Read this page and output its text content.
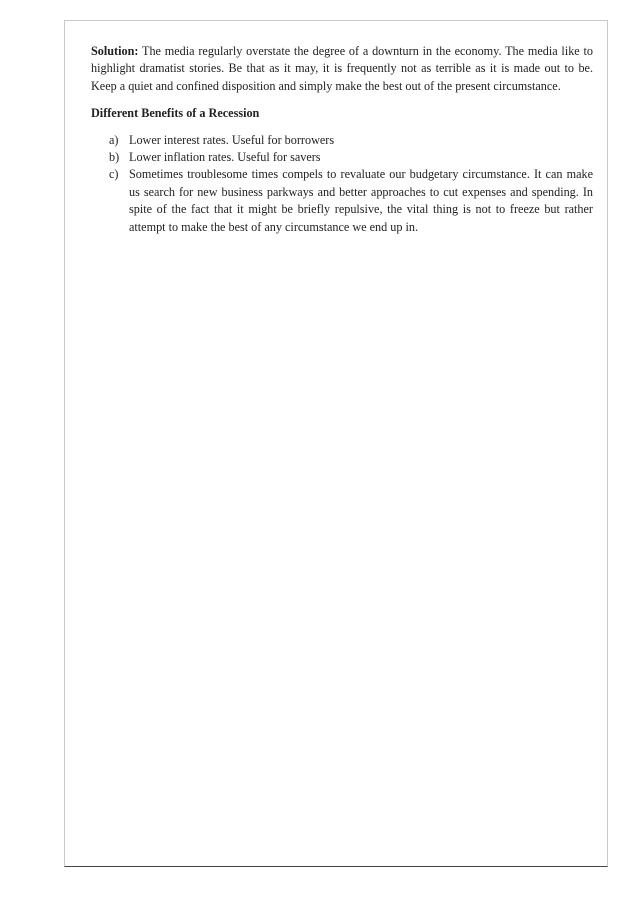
Solution: The media regularly overstate the degree of a downturn in the economy. The media like to highlight dramatist stories. Be that as it may, it is frequently not as terrible as it is made out to be. Keep a quiet and confined disposition and simply make the best out of the present circumstance.

Different Benefits of a Recession
a) Lower interest rates. Useful for borrowers
b) Lower inflation rates. Useful for savers
c) Sometimes troublesome times compels to revaluate our budgetary circumstance. It can make us search for new business parkways and better approaches to cut expenses and spending. In spite of the fact that it might be briefly repulsive, the vital thing is not to freeze but rather attempt to make the best of any circumstance we end up in.
